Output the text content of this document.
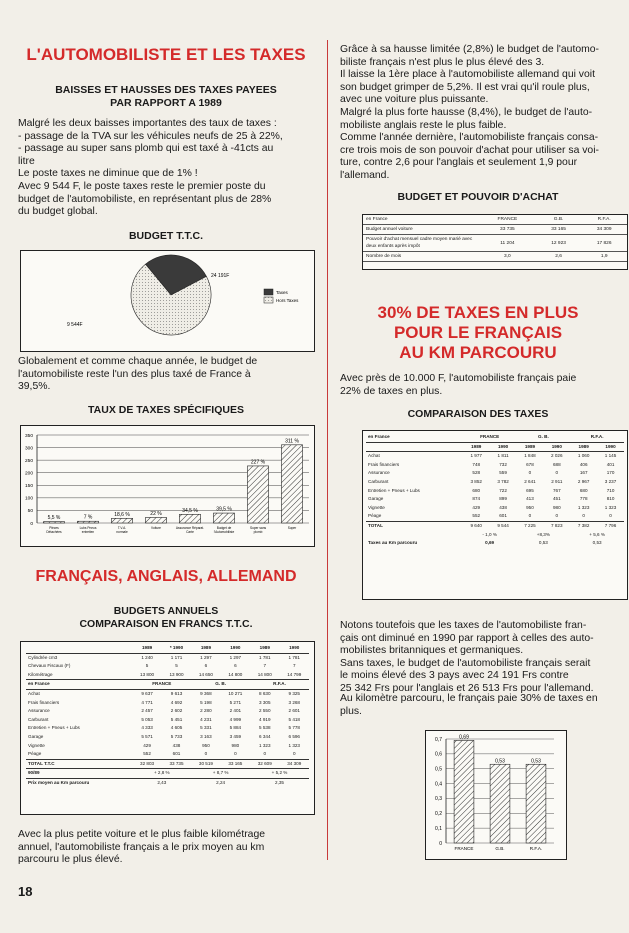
L'AUTOMOBILISTE ET LES TAXES
BAISSES ET HAUSSES DES TAXES PAYEES
PAR RAPPORT A 1989
Malgré les deux baisses importantes des taux de taxes :
- passage de la TVA sur les véhicules neufs de 25 à 22%,
- passage au super sans plomb qui est taxé à -41cts au
litre
Le poste taxes ne diminue que de 1% !
Avec 9 544 F, le poste taxes reste le premier poste du
budget de l'automobiliste, en représentant plus de 28%
du budget global.
BUDGET T.T.C.
9 544F
24 191F
Taxes
Hors Taxes
Globalement et comme chaque année, le budget de
l'automobiliste reste l'un des plus taxé de France à
39,5%.
TAUX DE TAXES SPÉCIFIQUES
0
50
100
150
200
250
300
350
5,5 %
Pièces
Détachées
7 %
Lubs Pneus
entretien
18,6 %
T.V.A.
normale
22 %
Voiture
34,5 %
Assurance Réparat.
Carte
39,5 %
Budget de
l'Automobiliste
227 %
Super sans
plomb
311 %
Super
FRANÇAIS, ANGLAIS, ALLEMAND
BUDGETS ANNUELS
COMPARAISON EN FRANCS T.T.C.
	1989	* 1990	1989	1990	1989	1990
Cylindrée cm3	1 240	1 171	1 297	1 297	1 781	1 781
Chevaux Fiscaux (F)	5	5	6	6	7	7
Kilométrage	13 800	13 900	14 650	14 800	14 800	14 799
en France	FRANCE		G. B.		R.F.A.	
Achat	9 637	9 613	9 368	10 271	8 630	9 325
Frais financiers	4 771	4 692	5 198	5 271	3 305	3 268
Assurance	2 457	2 602	2 280	2 401	2 550	2 601
Carburant	5 053	5 451	4 231	4 999	4 919	5 418
Entretien + Pneus + Lubs	4 333	4 605	5 331	5 884	5 538	5 778
Garage	5 571	5 733	3 163	3 459	6 344	6 596
Vignette	429	438	950	980	1 323	1 323
Péage	552	601	0	0	0	0
TOTAL T.T.C	32 803	33 735	30 519	33 165	32 609	34 309
90/89	+ 2,8 %		+ 8,7 %		+ 5,2 %	
Prix moyen au Km parcouru	2,43		2,24		2,35	
Avec la plus petite voiture et le plus faible kilométrage
annuel, l'automobiliste français a le prix moyen au km
parcouru le plus élevé.
18
Grâce à sa hausse limitée (2,8%) le budget de l'automo-
biliste français n'est plus le plus élevé des 3.
Il laisse la 1ère place à l'automobiliste allemand qui voit
son budget grimper de 5,2%. Il est vrai qu'il roule plus,
avec une voiture plus puissante.
Malgré la plus forte hausse (8,4%), le budget de l'auto-
mobiliste anglais reste le plus faible.
Comme l'année dernière, l'automobiliste français consa-
cre trois mois de son pouvoir d'achat pour utiliser sa voi-
ture, contre 2,6 pour l'anglais et seulement 1,9 pour
l'allemand.
BUDGET ET POUVOIR D'ACHAT
en France	FRANCE	G.B.	R.F.A.
Budget annuel voiture	33 735	33 165	34 309
Pouvoir d'achat mensuel cadre moyen marié avec deux enfants après impôt	11 204	12 923	17 826
Nombre de mois	3,0	2,6	1,9
30% DE TAXES EN PLUS
POUR LE FRANÇAIS
AU KM PARCOURU
Avec près de 10.000 F, l'automobiliste français paie
22% de taxes en plus.
COMPARAISON DES TAXES
en France	FRANCE		G. B.		R.F.A.	
	1989	1990	1989	1990	1989	1990
Achat	1 977	1 811	1 848	2 026	1 060	1 145
Frais financiers	748	732	678	688	406	401
Assurance	528	559	0	0	167	170
Carburant	3 852	3 782	2 641	2 911	2 967	3 237
Entretien + Pneus + Lubs	680	722	695	767	680	710
Garage	874	899	413	451	778	810
Vignette	429	438	950	980	1 323	1 323
Péage	552	601	0	0	0	0
TOTAL	9 640	9 544	7 225	7 823	7 382	7 796
	- 1,0 %		+8,3%		+ 5,6 %	
Taxes au Km parcouru	0,69		0,53		0,53	
Notons toutefois que les taxes de l'automobiliste fran-
çais ont diminué en 1990 par rapport à celles des auto-
mobilistes britanniques et germaniques.
Sans taxes, le budget de l'automobiliste français serait
le moins élevé des 3 pays avec 24 191 Frs contre
25 342 Frs pour l'anglais et 26 513 Frs pour l'allemand.
Au kilomètre parcouru, le français paie 30% de taxes en
plus.
0
0,1
0,2
0,3
0,4
0,5
0,6
0,7	0,69
FRANCE
0,53
G.B.
0,53
R.F.A.
